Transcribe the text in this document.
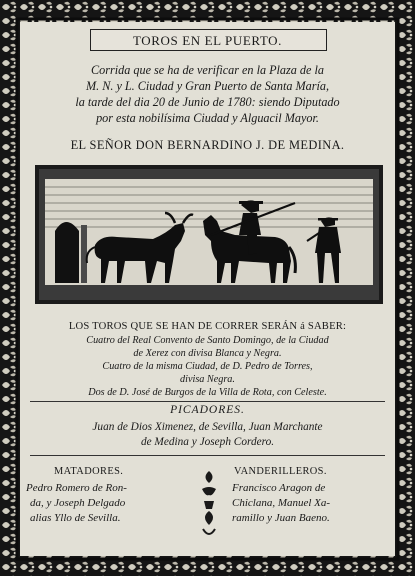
TOROS EN EL PUERTO.
Corrida que se ha de verificar en la Plaza de la
M. N. y L. Ciudad y Gran Puerto de Santa María,
la tarde del dia 20 de Junio de 1780: siendo Diputado
por esta nobilísima Ciudad y Alguacil Mayor.
EL SEÑOR DON BERNARDINO J. DE MEDINA.
LOS TOROS QUE SE HAN DE CORRER SERÁN á SABER:
Cuatro del Real Convento de Santo Domingo, de la Ciudad
de Xerez con divisa Blanca y Negra.
Cuatro de la misma Ciudad, de D. Pedro de Torres,
divisa Negra.
Dos de D. José de Burgos de la Villa de Rota, con Celeste.
PICADORES.
Juan de Dios Ximenez, de Sevilla, Juan Marchante
de Medina y Joseph Cordero.
MATADORES.
Pedro Romero de Ron-
da, y Joseph Delgado
alias Yllo de Sevilla.
VANDERILLEROS.
Francisco Aragon de
Chiclana, Manuel Xa-
ramillo y Juan Baeno.
